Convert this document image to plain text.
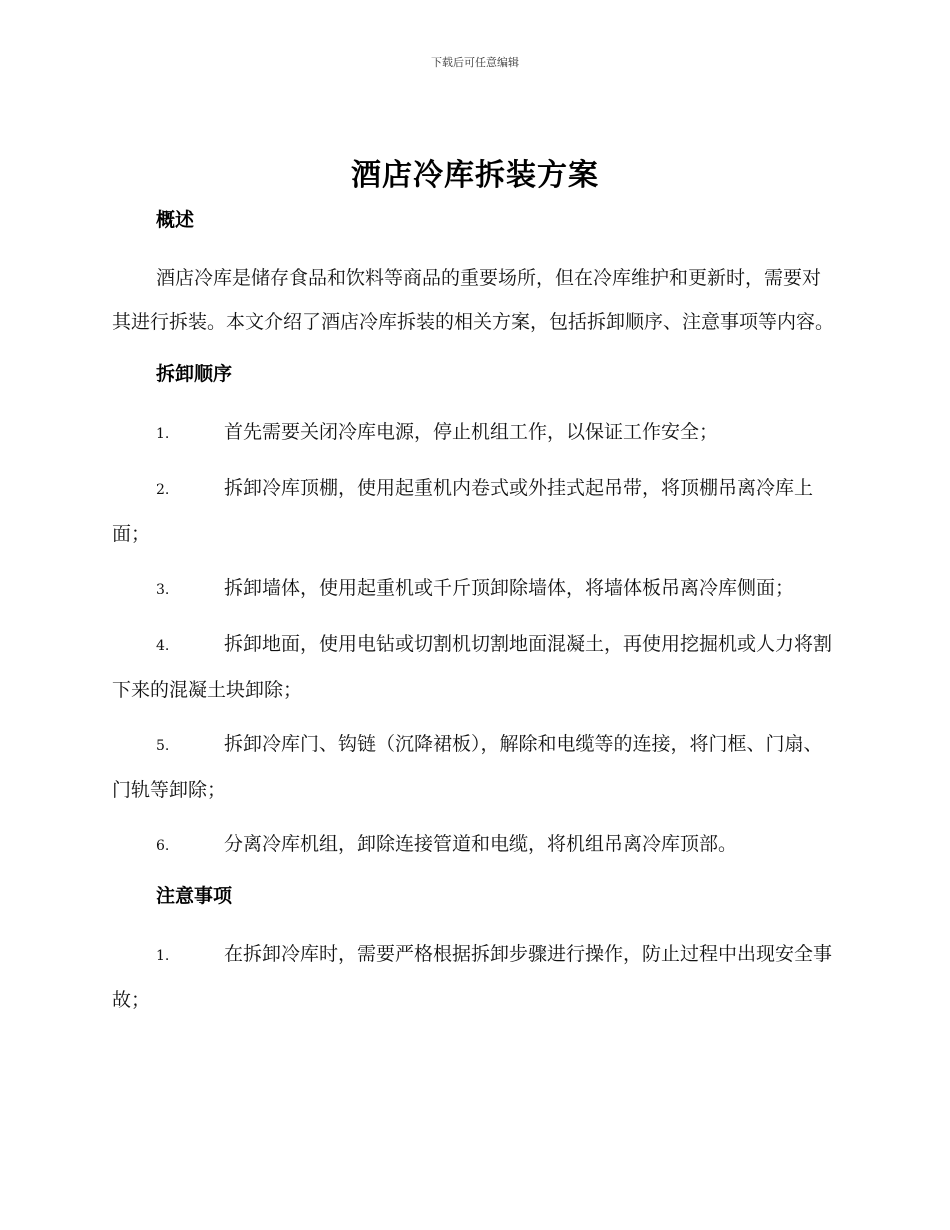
下载后可任意编辑
酒店冷库拆装方案
概述

酒店冷库是储存食品和饮料等商品的重要场所，但在冷库维护和更新时，需要对其进行拆装。本文介绍了酒店冷库拆装的相关方案，包括拆卸顺序、注意事项等内容。

拆卸顺序

1.	首先需要关闭冷库电源，停止机组工作，以保证工作安全；

2.	拆卸冷库顶棚，使用起重机内卷式或外挂式起吊带，将顶棚吊离冷库上面；

3.	拆卸墙体，使用起重机或千斤顶卸除墙体，将墙体板吊离冷库侧面；

4.	拆卸地面，使用电钻或切割机切割地面混凝土，再使用挖掘机或人力将割下来的混凝土块卸除；

5.	拆卸冷库门、钩链（沉降裙板），解除和电缆等的连接，将门框、门扇、门轨等卸除；

6.	分离冷库机组，卸除连接管道和电缆，将机组吊离冷库顶部。

注意事项

1.	在拆卸冷库时，需要严格根据拆卸步骤进行操作，防止过程中出现安全事故；
